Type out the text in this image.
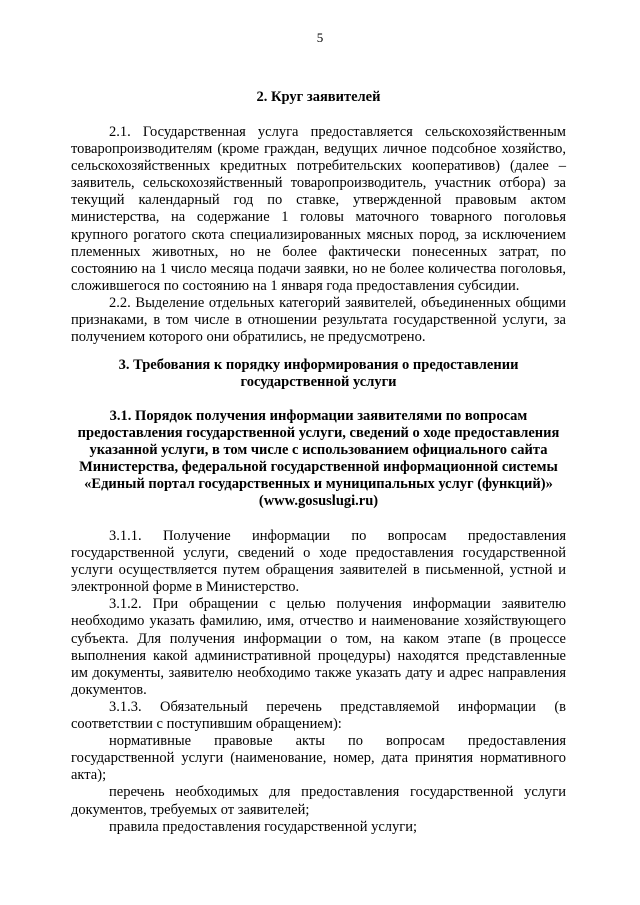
5
2. Круг заявителей

2.1. Государственная услуга предоставляется сельскохозяйственным товаропроизводителям (кроме граждан, ведущих личное подсобное хозяйство, сельскохозяйственных кредитных потребительских кооперативов) (далее – заявитель, сельскохозяйственный товаропроизводитель, участник отбора) за текущий календарный год по ставке, утвержденной правовым актом министерства, на содержание 1 головы маточного товарного поголовья крупного рогатого скота специализированных мясных пород, за исключением племенных животных, но не более фактически понесенных затрат, по состоянию на 1 число месяца подачи заявки, но не более количества поголовья, сложившегося по состоянию на 1 января года предоставления субсидии.

2.2. Выделение отдельных категорий заявителей, объединенных общими признаками, в том числе в отношении результата государственной услуги, за получением которого они обратились, не предусмотрено.

3. Требования к порядку информирования о предоставлении
государственной услуги
3.1. Порядок получения информации заявителями по вопросам
предоставления государственной услуги, сведений о ходе предоставления
указанной услуги, в том числе с использованием официального сайта
Министерства, федеральной государственной информационной системы
«Единый портал государственных и муниципальных услуг (функций)»
(www.gosuslugi.ru)

3.1.1. Получение информации по вопросам предоставления государственной услуги, сведений о ходе предоставления государственной услуги осуществляется путем обращения заявителей в письменной, устной и электронной форме в Министерство.

3.1.2. При обращении с целью получения информации заявителю необходимо указать фамилию, имя, отчество и наименование хозяйствующего субъекта. Для получения информации о том, на каком этапе (в процессе выполнения какой административной процедуры) находятся представленные им документы, заявителю необходимо также указать дату и адрес направления документов.

3.1.3. Обязательный перечень представляемой информации (в соответствии с поступившим обращением):

нормативные правовые акты по вопросам предоставления государственной услуги (наименование, номер, дата принятия нормативного акта);

перечень необходимых для предоставления государственной услуги документов, требуемых от заявителей;

правила предоставления государственной услуги;
